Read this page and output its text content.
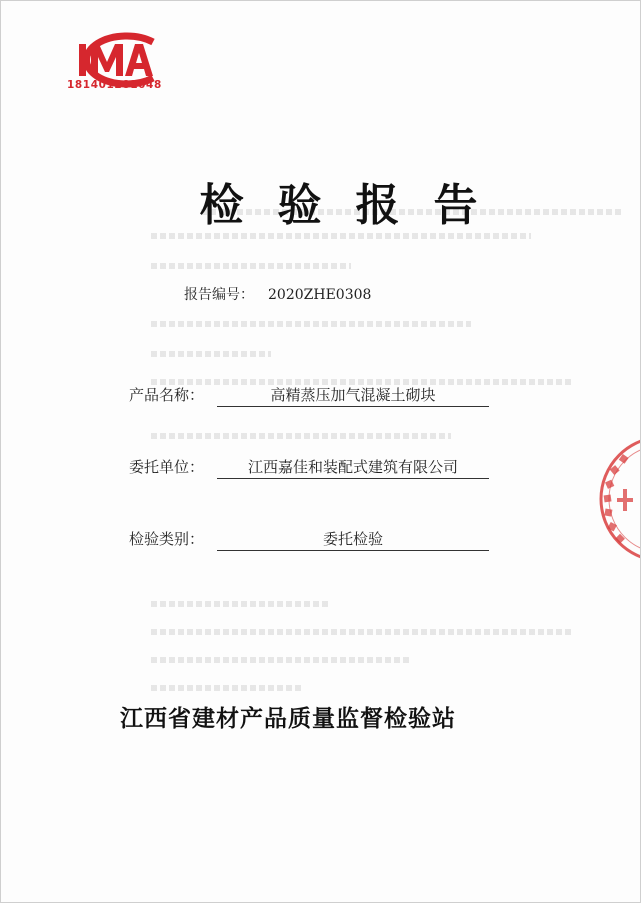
181401281048
检验报告
报告编号： 2020ZHE0308
产品名称：	高精蒸压加气混凝土砌块
委托单位：	江西嘉佳和装配式建筑有限公司
检验类别：	委托检验
江西省建材产品质量监督检验站
